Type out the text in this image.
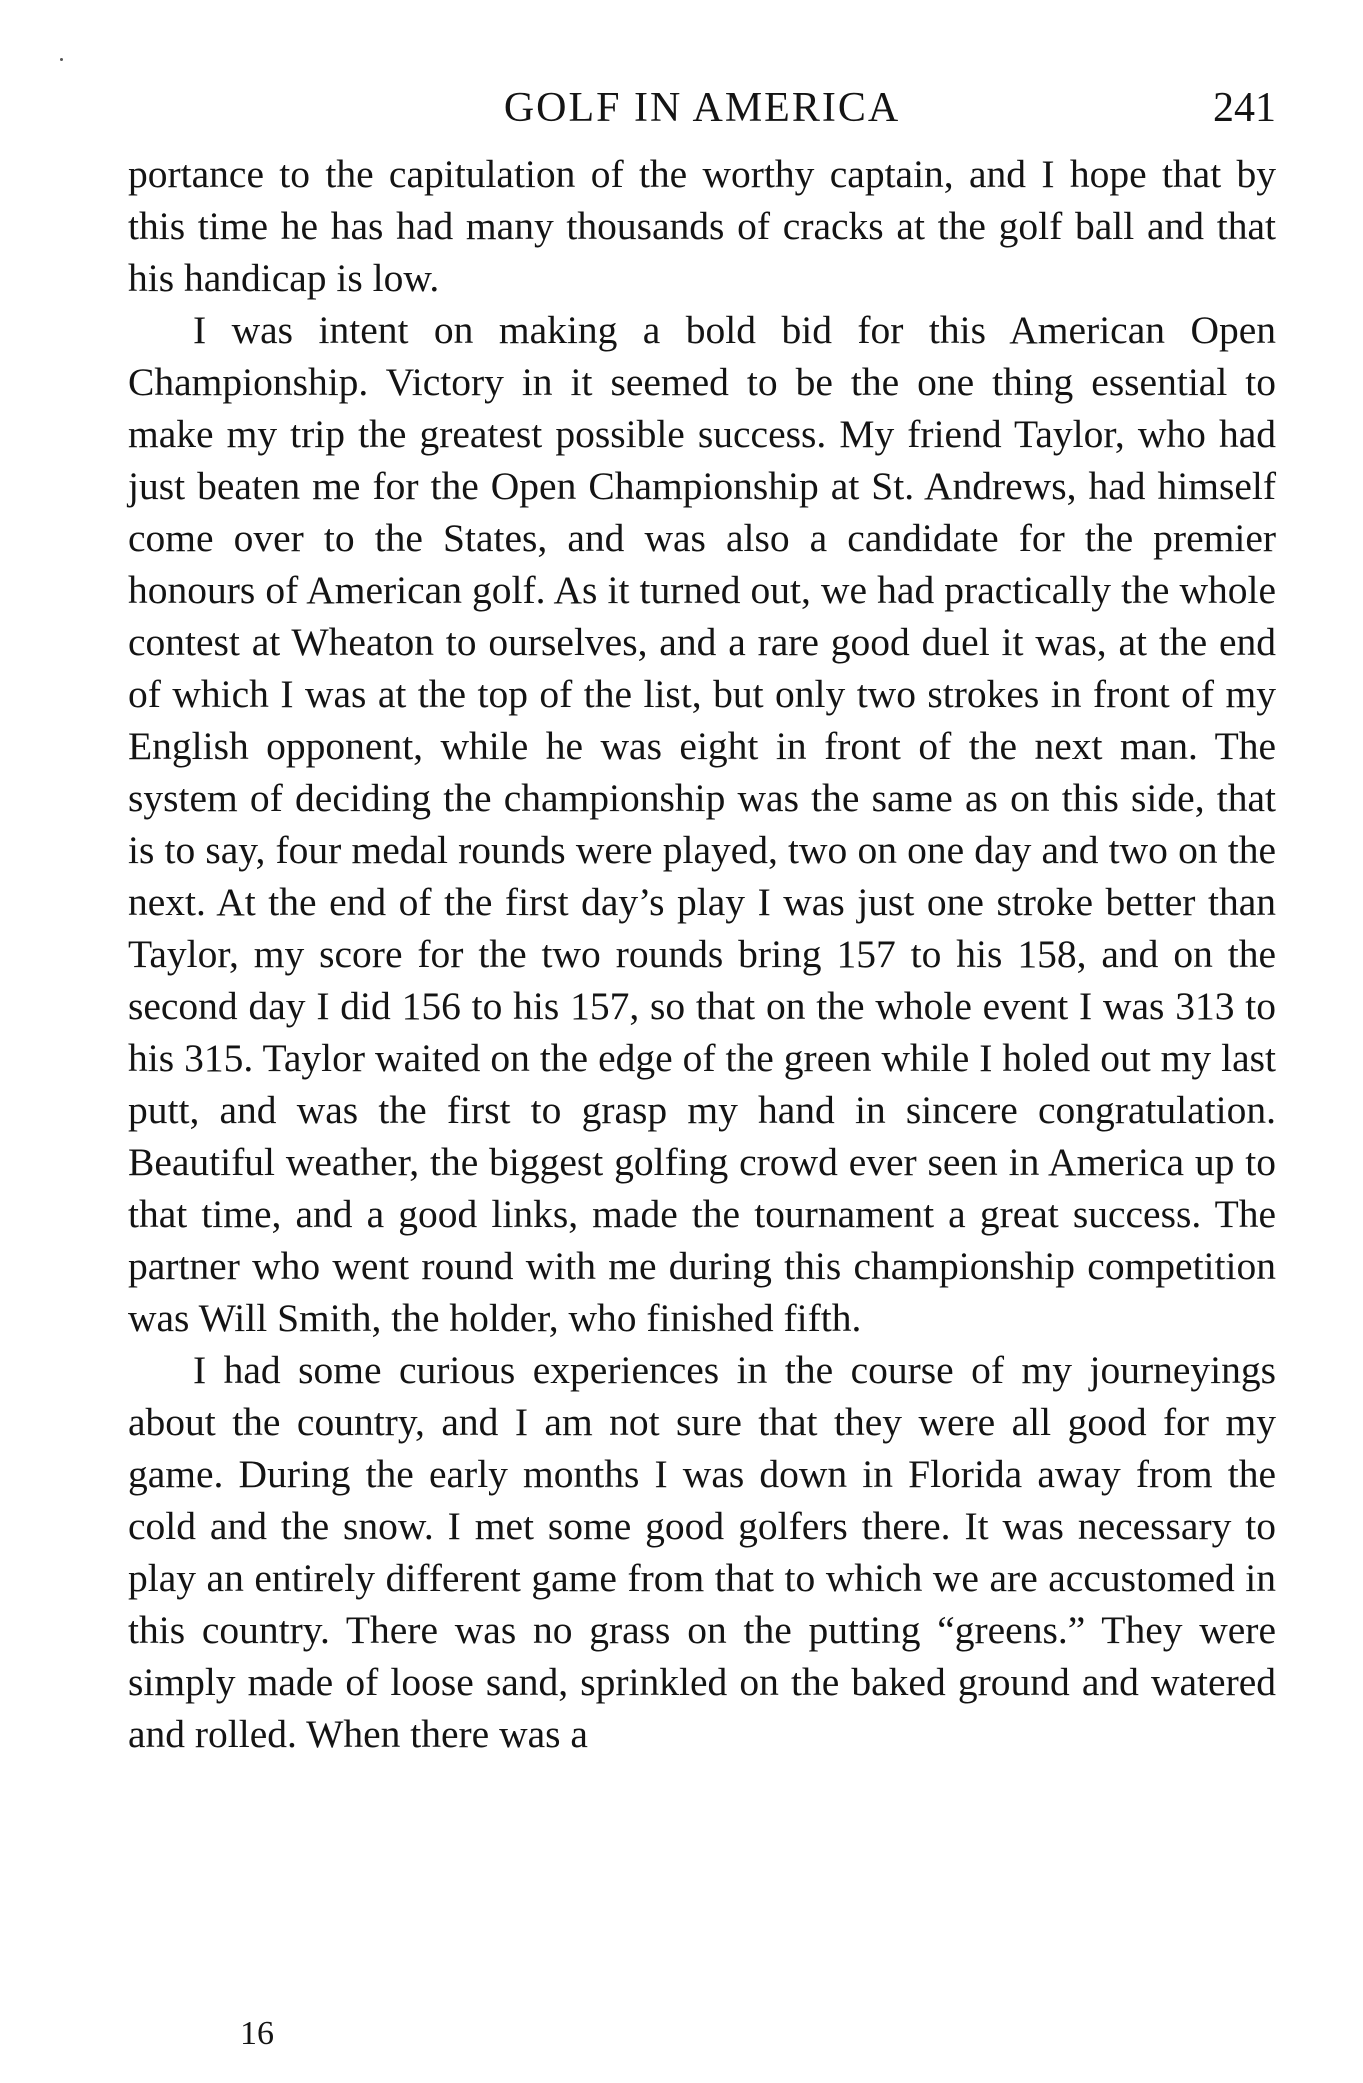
GOLF IN AMERICA	241

portance to the capitulation of the worthy captain, and I hope that by this time he has had many thousands of cracks at the golf ball and that his handicap is low.

I was intent on making a bold bid for this American Open Championship. Victory in it seemed to be the one thing essential to make my trip the greatest possible success. My friend Taylor, who had just beaten me for the Open Championship at St. Andrews, had himself come over to the States, and was also a candidate for the premier honours of American golf. As it turned out, we had practically the whole contest at Wheaton to ourselves, and a rare good duel it was, at the end of which I was at the top of the list, but only two strokes in front of my English opponent, while he was eight in front of the next man. The system of deciding the championship was the same as on this side, that is to say, four medal rounds were played, two on one day and two on the next. At the end of the first day’s play I was just one stroke better than Taylor, my score for the two rounds bring 157 to his 158, and on the second day I did 156 to his 157, so that on the whole event I was 313 to his 315. Taylor waited on the edge of the green while I holed out my last putt, and was the first to grasp my hand in sincere congratulation. Beautiful weather, the biggest golfing crowd ever seen in America up to that time, and a good links, made the tournament a great success. The partner who went round with me during this championship competition was Will Smith, the holder, who finished fifth.

I had some curious experiences in the course of my journeyings about the country, and I am not sure that they were all good for my game. During the early months I was down in Florida away from the cold and the snow. I met some good golfers there. It was necessary to play an entirely different game from that to which we are accustomed in this country. There was no grass on the putting “greens.” They were simply made of loose sand, sprinkled on the baked ground and watered and rolled. When there was a

16
